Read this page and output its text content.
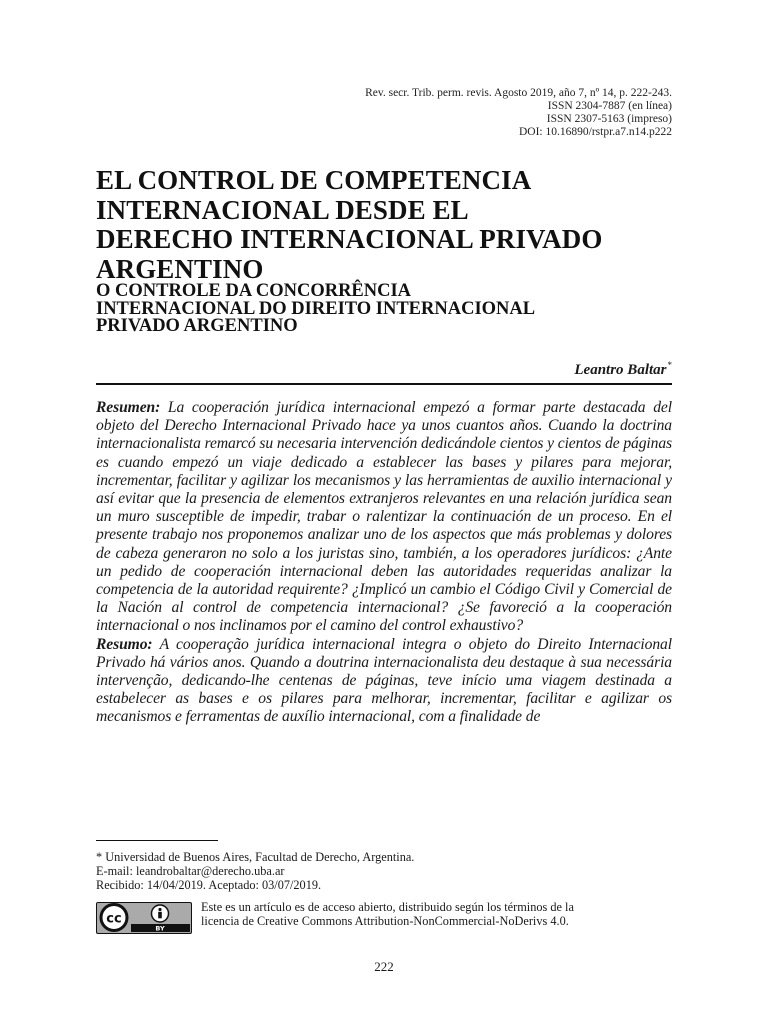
Rev. secr. Trib. perm. revis. Agosto 2019, año 7, nº 14, p. 222-243.
ISSN 2304-7887 (en línea)
ISSN 2307-5163 (impreso)
DOI: 10.16890/rstpr.a7.n14.p222
EL CONTROL DE COMPETENCIA
INTERNACIONAL DESDE EL
DERECHO INTERNACIONAL PRIVADO
ARGENTINO
O CONTROLE DA CONCORRÊNCIA
INTERNACIONAL DO DIREITO INTERNACIONAL
PRIVADO ARGENTINO
Leantro Baltar*

Resumen: La cooperación jurídica internacional empezó a formar parte destacada del objeto del Derecho Internacional Privado hace ya unos cuantos años. Cuando la doctrina internacionalista remarcó su necesaria intervención dedicándole cientos y cientos de páginas es cuando empezó un viaje dedicado a establecer las bases y pilares para mejorar, incrementar, facilitar y agilizar los mecanismos y las herramientas de auxilio internacional y así evitar que la presencia de elementos extranjeros relevantes en una relación jurídica sean un muro susceptible de impedir, trabar o ralentizar la continuación de un proceso. En el presente trabajo nos proponemos analizar uno de los aspectos que más problemas y dolores de cabeza generaron no solo a los juristas sino, también, a los operadores jurídicos: ¿Ante un pedido de cooperación internacional deben las autoridades requeridas analizar la competencia de la autoridad requirente? ¿Implicó un cambio el Código Civil y Comercial de la Nación al control de competencia internacional? ¿Se favoreció a la cooperación internacional o nos inclinamos por el camino del control exhaustivo?

Resumo: A cooperação jurídica internacional integra o objeto do Direito Internacional Privado há vários anos. Quando a doutrina internacionalista deu destaque à sua necessária intervenção, dedicando-lhe centenas de páginas, teve início uma viagem destinada a estabelecer as bases e os pilares para melhorar, incrementar, facilitar e agilizar os mecanismos e ferramentas de auxílio internacional, com a finalidade de

* Universidad de Buenos Aires, Facultad de Derecho, Argentina.
E-mail: leandrobaltar@derecho.uba.ar
Recibido: 14/04/2019. Aceptado: 03/07/2019.
cc
BY
Este es un artículo es de acceso abierto, distribuido según los términos de la
licencia de Creative Commons Attribution-NonCommercial-NoDerivs 4.0.
222
